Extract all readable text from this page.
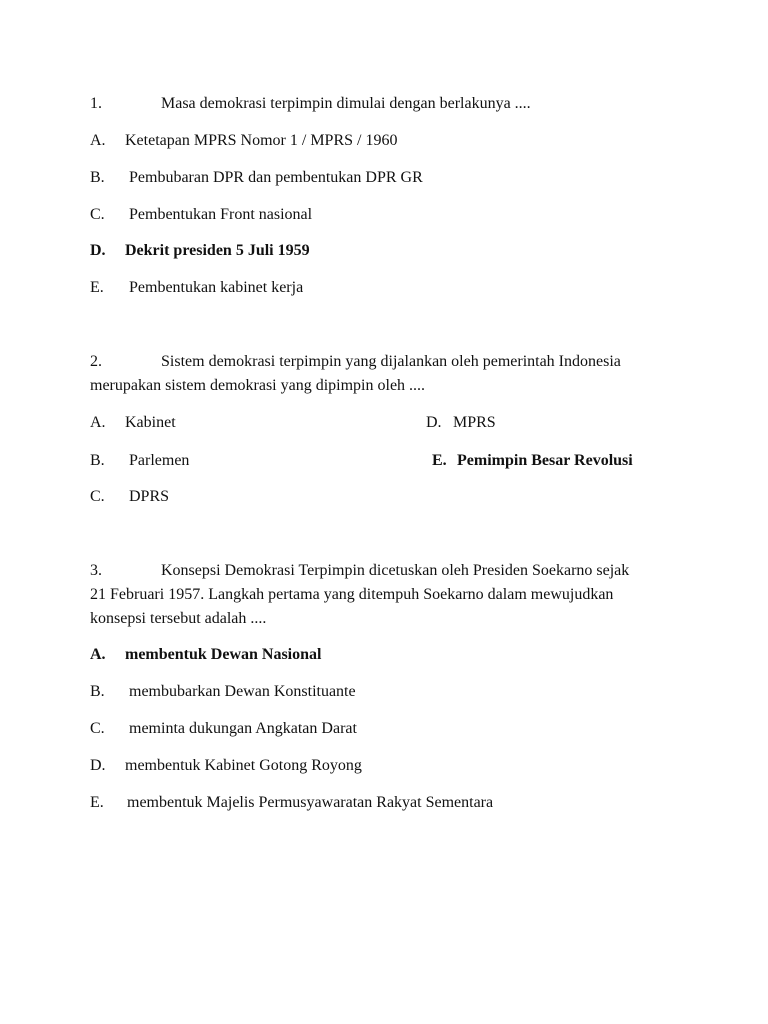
1.	Masa demokrasi terpimpin dimulai dengan berlakunya ....
A. Ketetapan MPRS Nomor 1 / MPRS / 1960
B. Pembubaran DPR dan pembentukan DPR GR
C. Pembentukan Front nasional
D. Dekrit presiden 5 Juli 1959
E. Pembentukan kabinet kerja
2.	Sistem demokrasi terpimpin yang dijalankan oleh pemerintah Indonesia
merupakan sistem demokrasi yang dipimpin oleh ....
A. Kabinet
B. Parlemen
C. DPRS
D. MPRS
E. Pemimpin Besar Revolusi
3.	Konsepsi Demokrasi Terpimpin dicetuskan oleh Presiden Soekarno sejak
21 Februari 1957. Langkah pertama yang ditempuh Soekarno dalam mewujudkan
konsepsi tersebut adalah ....
A. membentuk Dewan Nasional
B. membubarkan Dewan Konstituante
C. meminta dukungan Angkatan Darat
D. membentuk Kabinet Gotong Royong
E. membentuk Majelis Permusyawaratan Rakyat Sementara
